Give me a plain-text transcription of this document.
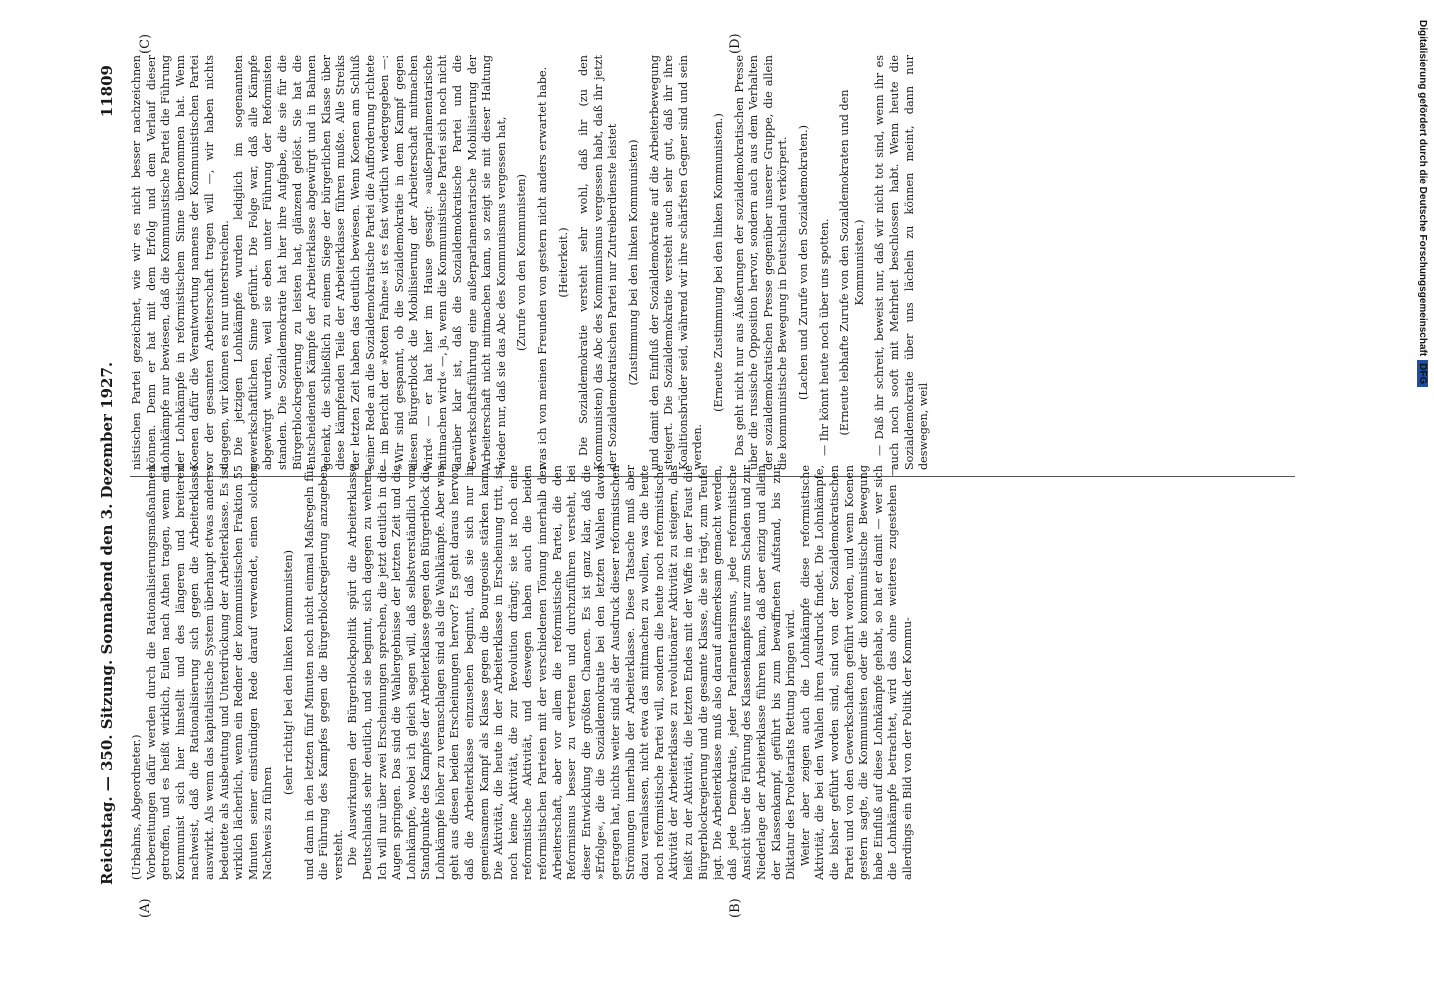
Reichstag. — 350. Sitzung. Sonnabend den 3. Dezember 1927.
11809
(A)	(B)
(C)	(D)

(Urbahns, Abgeordneter.) Vorbereitungen dafür werden durch die Rationalisierungsmaßnahmen getroffen, und es heißt wirklich, Eulen nach Athen tragen, wenn ein Kommunist sich hier hinstellt und des längeren und breiteren nachweist, daß die Rationalisierung sich gegen die Arbeiterklasse auswirkt. Als wenn das kapitalistische System überhaupt etwas anderes bedeutete als Ausbeutung und Unterdrückung der Arbeiterklasse. Es ist wirklich lächerlich, wenn ein Redner der kommunistischen Fraktion 55 Minuten seiner einstündigen Rede darauf verwendet, einen solchen Nachweis zu führen

(sehr richtig! bei den linken Kommunisten) und dann in den letzten fünf Minuten noch nicht einmal Maßregeln für die Führung des Kampfes gegen die Bürgerblockregierung anzugeben versteht. Die Auswirkungen der Bürgerblockpolitik spürt die Arbeiterklasse Deutschlands sehr deutlich, und sie beginnt, sich dagegen zu wehren. Ich will nur über zwei Erscheinungen sprechen, die jetzt deutlich in die Augen springen. Das sind die Wahlergebnisse der letzten Zeit und die Lohnkämpfe, wobei ich gleich sagen will, daß selbstverständlich vom Standpunkte des Kampfes der Arbeiterklasse gegen den Bürgerblock die Lohnkämpfe höher zu veranschlagen sind als die Wahlkämpfe. Aber was geht aus diesen beiden Erscheinungen hervor? Es geht daraus hervor, daß die Arbeiterklasse einzusehen beginnt, daß sie sich nur in gemeinsamem Kampf als Klasse gegen die Bourgeoisie stärken kann. Die Aktivität, die heute in der Arbeiterklasse in Erscheinung tritt, ist noch keine Aktivität, die zur Revolution drängt; sie ist noch eine reformistische Aktivität, und deswegen haben auch die beiden reformistischen Parteien mit der verschiedenen Tönung innerhalb der Arbeiterschaft, aber vor allem die reformistische Partei, die den Reformismus besser zu vertreten und durchzuführen versteht, bei dieser Entwicklung die größten Chancen. Es ist ganz klar, daß die »Erfolge«, die die Sozialdemokratie bei den letzten Wahlen davon getragen hat, nichts weiter sind als der Ausdruck dieser reformistischen Strömungen innerhalb der Arbeiterklasse. Diese Tatsache muß aber dazu veranlassen, nicht etwa das mitmachen zu wollen, was die heute noch reformistische Partei will, sondern die heute noch reformistische Aktivität der Arbeiterklasse zu revolutionärer Aktivität zu steigern, das heißt zu der Aktivität, die letzten Endes mit der Waffe in der Faust die Bürgerblockregierung und die gesamte Klasse, die sie trägt, zum Teufel jagt. Die Arbeiterklasse muß also darauf aufmerksam gemacht werden, daß jede Demokratie, jeder Parlamentarismus, jede reformistische Ansicht über die Führung des Klassenkampfes nur zum Schaden und zur Niederlage der Arbeiterklasse führen kann, daß aber einzig und allein der Klassenkampf, geführt bis zum bewaffneten Aufstand, bis zur Diktatur des Proletariats Rettung bringen wird. Weiter aber zeigen auch die Lohnkämpfe diese reformistische Aktivität, die bei den Wahlen ihren Ausdruck findet. Die Lohnkämpfe, die bisher geführt worden sind, sind von der Sozialdemokratischen Partei und von den Gewerkschaften geführt worden, und wenn Koenen gestern sagte, die Kommunisten oder die kommunistische Bewegung habe Einfluß auf diese Lohnkämpfe gehabt, so hat er damit — wer sich die Lohnkämpfe betrachtet, wird das ohne weiteres zugestehen — allerdings ein Bild von der Politik der Kommu-

nistischen Partei gezeichnet, wie wir es nicht besser nachzeichnen können. Denn er hat mit dem Erfolg und dem Verlauf dieser Lohnkämpfe nur bewiesen, daß die Kommunistische Partei die Führung der Lohnkämpfe in reformistischem Sinne übernommen hat. Wenn Koenen dafür die Verantwortung namens der Kommunistischen Partei vor der gesamten Arbeiterschaft tragen will —, wir haben nichts dagegen, wir können es nur unterstreichen. Die jetzigen Lohnkämpfe wurden lediglich im sogenannten gewerkschaftlichen Sinne geführt. Die Folge war, daß alle Kämpfe abgewürgt wurden, weil sie eben unter Führung der Reformisten standen. Die Sozialdemokratie hat hier ihre Aufgabe, die sie für die Bürgerblockregierung zu leisten hat, glänzend gelöst. Sie hat die entscheidenden Kämpfe der Arbeiterklasse abgewürgt und in Bahnen gelenkt, die schließlich zu einem Siege der bürgerlichen Klasse über diese kämpfenden Teile der Arbeiterklasse führen mußte. Alle Streiks der letzten Zeit haben das deutlich bewiesen. Wenn Koenen am Schluß seiner Rede an die Sozialdemokratische Partei die Aufforderung richtete — im Bericht der »Roten Fahne« ist es fast wörtlich wiedergegeben —: »Wir sind gespannt, ob die Sozialdemokratie in dem Kampf gegen diesen Bürgerblock die Mobilisierung der Arbeiterschaft mitmachen wird« — er hat hier im Hause gesagt: »außerparlamentarische mitmachen wird« —, ja, wenn die Kommunistische Partei sich noch nicht darüber klar ist, daß die Sozialdemokratische Partei und die Gewerkschaftsführung eine außerparlamentarische Mobilisierung der Arbeiterschaft nicht mitmachen kann, so zeigt sie mit dieser Haltung wieder nur, daß sie das Abc des Kommunismus vergessen hat, (Zurufe von den Kommunisten) was ich von meinen Freunden von gestern nicht anders erwartet habe. (Heiterkeit.) Die Sozialdemokratie versteht sehr wohl, daß ihr (zu den Kommunisten) das Abc des Kommunismus vergessen habt, daß ihr jetzt der Sozialdemokratischen Partei nur Zutreiberdienste leistet (Zustimmung bei den linken Kommunisten) und damit den Einfluß der Sozialdemokratie auf die Arbeiterbewegung steigert. Die Sozialdemokratie versteht auch sehr gut, daß ihr ihre Koalitionsbrüder seid, während wir ihre schärfsten Gegner sind und sein werden.

(Erneute Zustimmung bei den linken Kommunisten.) Das geht nicht nur aus Äußerungen der sozialdemokratischen Presse über die russische Opposition hervor, sondern auch aus dem Verhalten der sozialdemokratischen Presse gegenüber unserer Gruppe, die allein die kommunistische Bewegung in Deutschland verkörpert. (Lachen und Zurufe von den Sozialdemokraten.) — Ihr könnt heute noch über uns spotten. (Erneute lebhafte Zurufe von den Sozialdemokraten und den Kommunisten.) — Daß ihr schreit, beweist nur, daß wir nicht tot sind, wenn ihr es auch noch sooft mit Mehrheit beschlossen habt. Wenn heute die Sozialdemokratie über uns lächeln zu können meint, dann nur deswegen, weil

Digitalisierung gefördert durch die Deutsche ForschungsgemeinschaftDFG
